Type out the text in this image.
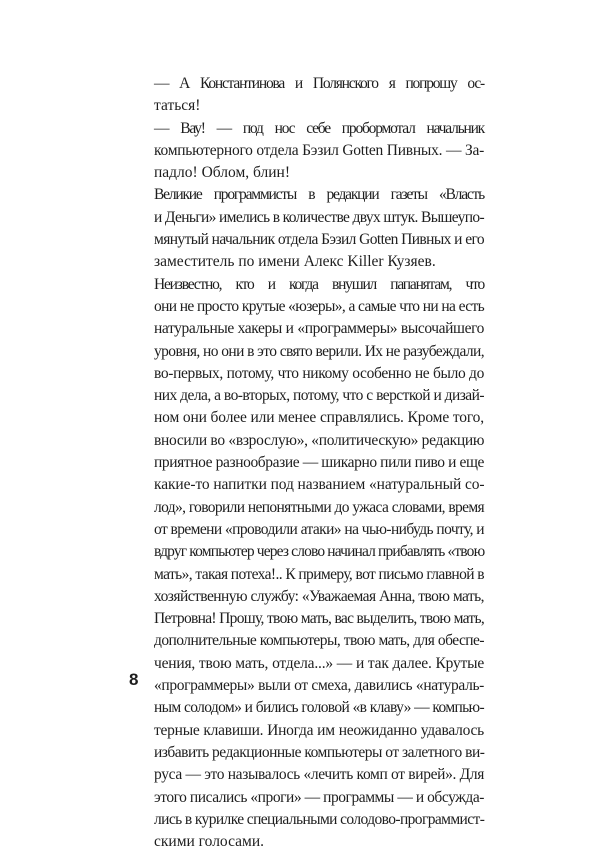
— А Константинова и Полянского я попрошу ос-
таться!

— Вау! — под нос себе пробормотал начальник
компьютерного отдела Бэзил Gotten Пивных. — За-
падло! Облом, блин!

Великие программисты в редакции газеты «Власть
и Деньги» имелись в количестве двух штук. Вышеупо-
мянутый начальник отдела Бэзил Gotten Пивных и его
заместитель по имени Алекс Killer Кузяев.

Неизвестно, кто и когда внушил папанятам, что
они не просто крутые «юзеры», а самые что ни на есть
натуральные хакеры и «программеры» высочайшего
уровня, но они в это свято верили. Их не разубеждали,
во-первых, потому, что никому особенно не было до
них дела, а во-вторых, потому, что с версткой и дизай-
ном они более или менее справлялись. Кроме того,
вносили во «взрослую», «политическую» редакцию
приятное разнообразие — шикарно пили пиво и еще
какие-то напитки под названием «натуральный со-
лод», говорили непонятными до ужаса словами, время
от времени «проводили атаки» на чью-нибудь почту, и
вдруг компьютер через слово начинал прибавлять «твою
мать», такая потеха!.. К примеру, вот письмо главной в
хозяйственную службу: «Уважаемая Анна, твою мать,
Петровна! Прошу, твою мать, вас выделить, твою мать,
дополнительные компьютеры, твою мать, для обеспе-
чения, твою мать, отдела...» — и так далее. Крутые
«программеры» выли от смеха, давились «натураль-
ным солодом» и бились головой «в клаву» — компью-
терные клавиши. Иногда им неожиданно удавалось
избавить редакционные компьютеры от залетного ви-
руса — это называлось «лечить комп от вирей». Для
этого писались «проги» — программы — и обсужда-
лись в курилке специальными солодово-программист-
скими голосами.

8
